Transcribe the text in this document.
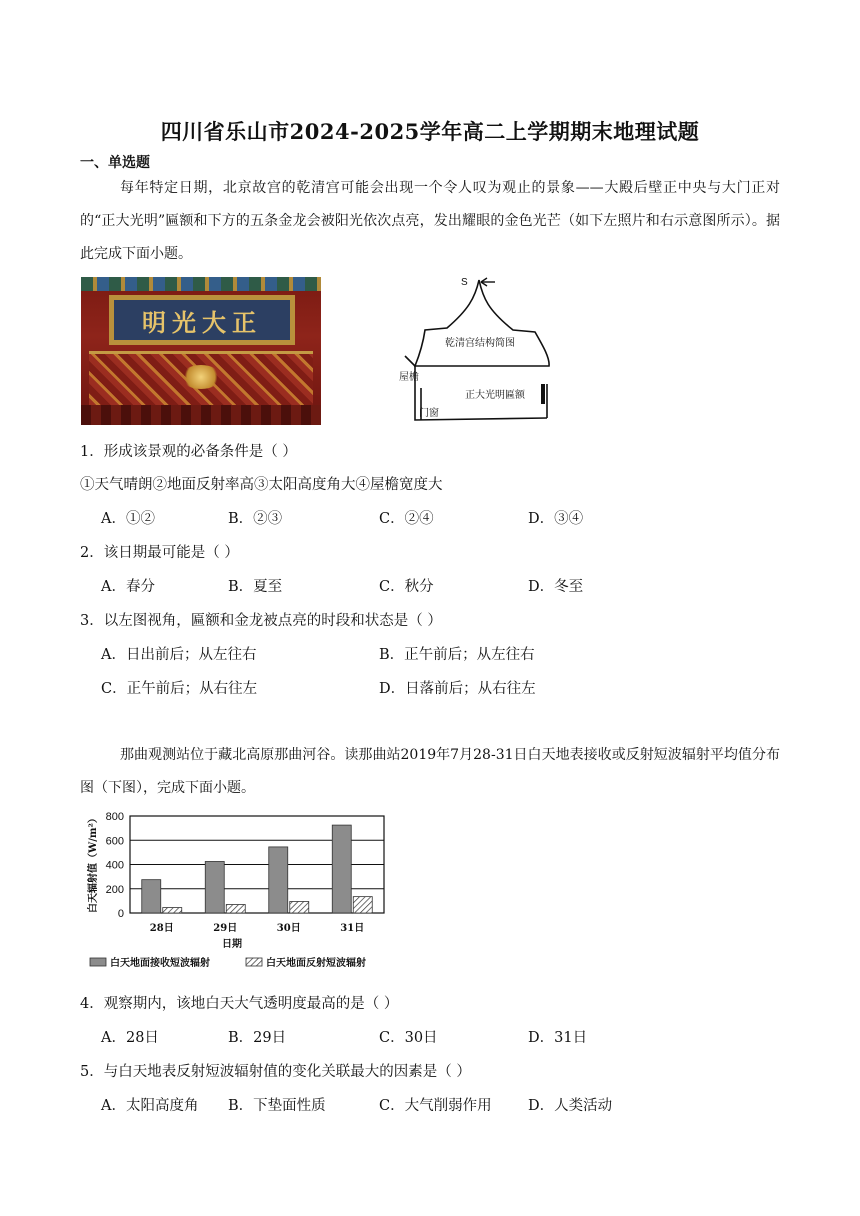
四川省乐山市2024-2025学年高二上学期期末地理试题
一、单选题
每年特定日期，北京故宫的乾清宫可能会出现一个令人叹为观止的景象——大殿后壁正中央与大门正对的“正大光明”匾额和下方的五条金龙会被阳光依次点亮，发出耀眼的金色光芒（如下左照片和右示意图所示）。据此完成下面小题。
明光大正
S
乾清宫结构简图
屋檐
正大光明匾额
门窗
1．形成该景观的必备条件是（ ）
①天气晴朗②地面反射率高③太阳高度角大④屋檐宽度大
A．①②	B．②③	C．②④	D．③④
2．该日期最可能是（ ）
A．春分	B．夏至	C．秋分	D．冬至
3．以左图视角，匾额和金龙被点亮的时段和状态是（ ）
A．日出前后；从左往右	B．正午前后；从左往右
C．正午前后；从右往左	D．日落前后；从右往左
那曲观测站位于藏北高原那曲河谷。读那曲站2019年7月28-31日白天地表接收或反射短波辐射平均值分布图（下图），完成下面小题。
0
200
400
600
800
28日	29日	30日	31日
白天辐射值（W/m²）
日期
白天地面接收短波辐射	白天地面反射短波辐射
4．观察期内，该地白天大气透明度最高的是（ ）
A．28日	B．29日	C．30日	D．31日
5．与白天地表反射短波辐射值的变化关联最大的因素是（ ）
A．太阳高度角 B．下垫面性质	C．大气削弱作用	D．人类活动
